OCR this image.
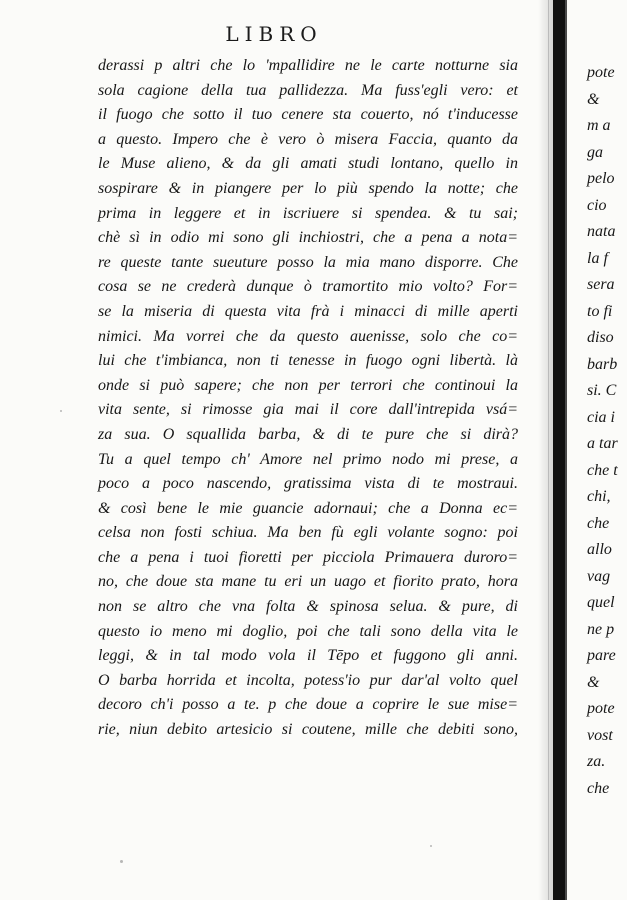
LIBRO
derassi p altri che lo 'mpallidire ne le carte notturne sia
sola cagione della tua pallidezza. Ma fuss'egli vero: et
il fuogo che sotto il tuo cenere sta couerto, nó t'inducesse
a questo. Impero che è vero ò misera Faccia, quanto da
le Muse alieno, & da gli amati studi lontano, quello in
sospirare & in piangere per lo più spendo la notte; che
prima in leggere et in iscriuere si spendea. & tu sai;
chè sì in odio mi sono gli inchiostri, che a pena a nota=
re queste tante sueuture posso la mia mano disporre. Che
cosa se ne crederà dunque ò tramortito mio volto? For=
se la miseria di questa vita frà i minacci di mille aperti
nimici. Ma vorrei che da questo auenisse, solo che co=
lui che t'imbianca, non ti tenesse in fuogo ogni libertà. là
onde si può sapere; che non per terrori che continoui la
vita sente, si rimosse gia mai il core dall'intrepida vsá=
za sua. O squallida barba, & di te pure che si dirà?
Tu a quel tempo ch' Amore nel primo nodo mi prese, a
poco a poco nascendo, gratissima vista di te mostraui.
& così bene le mie guancie adornaui; che a Donna ec=
celsa non fosti schiua. Ma ben fù egli volante sogno: poi
che a pena i tuoi fioretti per picciola Primauera duroro=
no, che doue sta mane tu eri un uago et fiorito prato, hora
non se altro che vna folta & spinosa selua. & pure, di
questo io meno mi doglio, poi che tali sono della vita le
leggi, & in tal modo vola il Tēpo et fuggono gli anni.
O barba horrida et incolta, potess'io pur dar'al volto quel
decoro ch'i posso a te. p che doue a coprire le sue mise=
rie, niun debito artesicio si coutene, mille che debiti sono,
pote
&
m a
ga
pelo
cio
nata
la f
sera
to fi
diso
barb
si. C
cia i
a tar
che t
chi,
che
allo
vag
quel
ne p
pare
&
pote
vost
za.
che
